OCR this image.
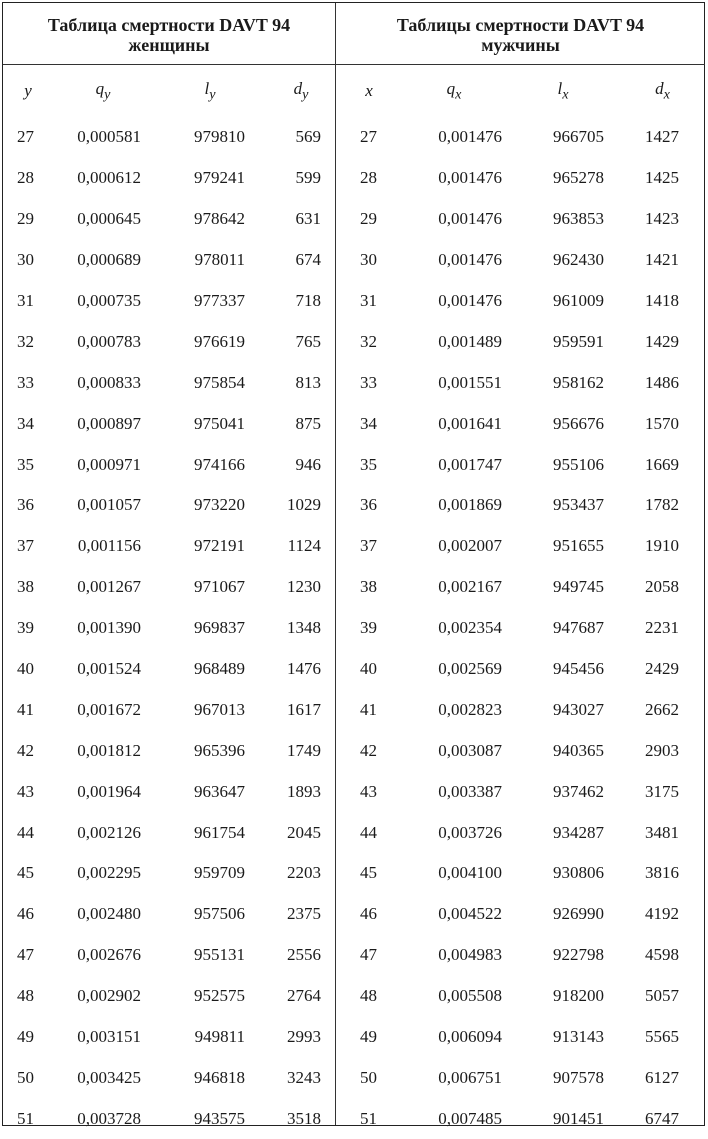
Таблица смертности DAVT 94
женщины
y	$q_y$	$l_y$	$d_y$
27	0,000581	979810	569
28	0,000612	979241	599
29	0,000645	978642	631
30	0,000689	978011	674
31	0,000735	977337	718
32	0,000783	976619	765
33	0,000833	975854	813
34	0,000897	975041	875
35	0,000971	974166	946
36	0,001057	973220	1029
37	0,001156	972191	1124
38	0,001267	971067	1230
39	0,001390	969837	1348
40	0,001524	968489	1476
41	0,001672	967013	1617
42	0,001812	965396	1749
43	0,001964	963647	1893
44	0,002126	961754	2045
45	0,002295	959709	2203
46	0,002480	957506	2375
47	0,002676	955131	2556
48	0,002902	952575	2764
49	0,003151	949811	2993
50	0,003425	946818	3243
51	0,003728	943575	3518
Таблицы смертности DAVT 94
мужчины
x	$q_x$	$l_x$	$d_x$
27	0,001476	966705	1427
28	0,001476	965278	1425
29	0,001476	963853	1423
30	0,001476	962430	1421
31	0,001476	961009	1418
32	0,001489	959591	1429
33	0,001551	958162	1486
34	0,001641	956676	1570
35	0,001747	955106	1669
36	0,001869	953437	1782
37	0,002007	951655	1910
38	0,002167	949745	2058
39	0,002354	947687	2231
40	0,002569	945456	2429
41	0,002823	943027	2662
42	0,003087	940365	2903
43	0,003387	937462	3175
44	0,003726	934287	3481
45	0,004100	930806	3816
46	0,004522	926990	4192
47	0,004983	922798	4598
48	0,005508	918200	5057
49	0,006094	913143	5565
50	0,006751	907578	6127
51	0,007485	901451	6747
